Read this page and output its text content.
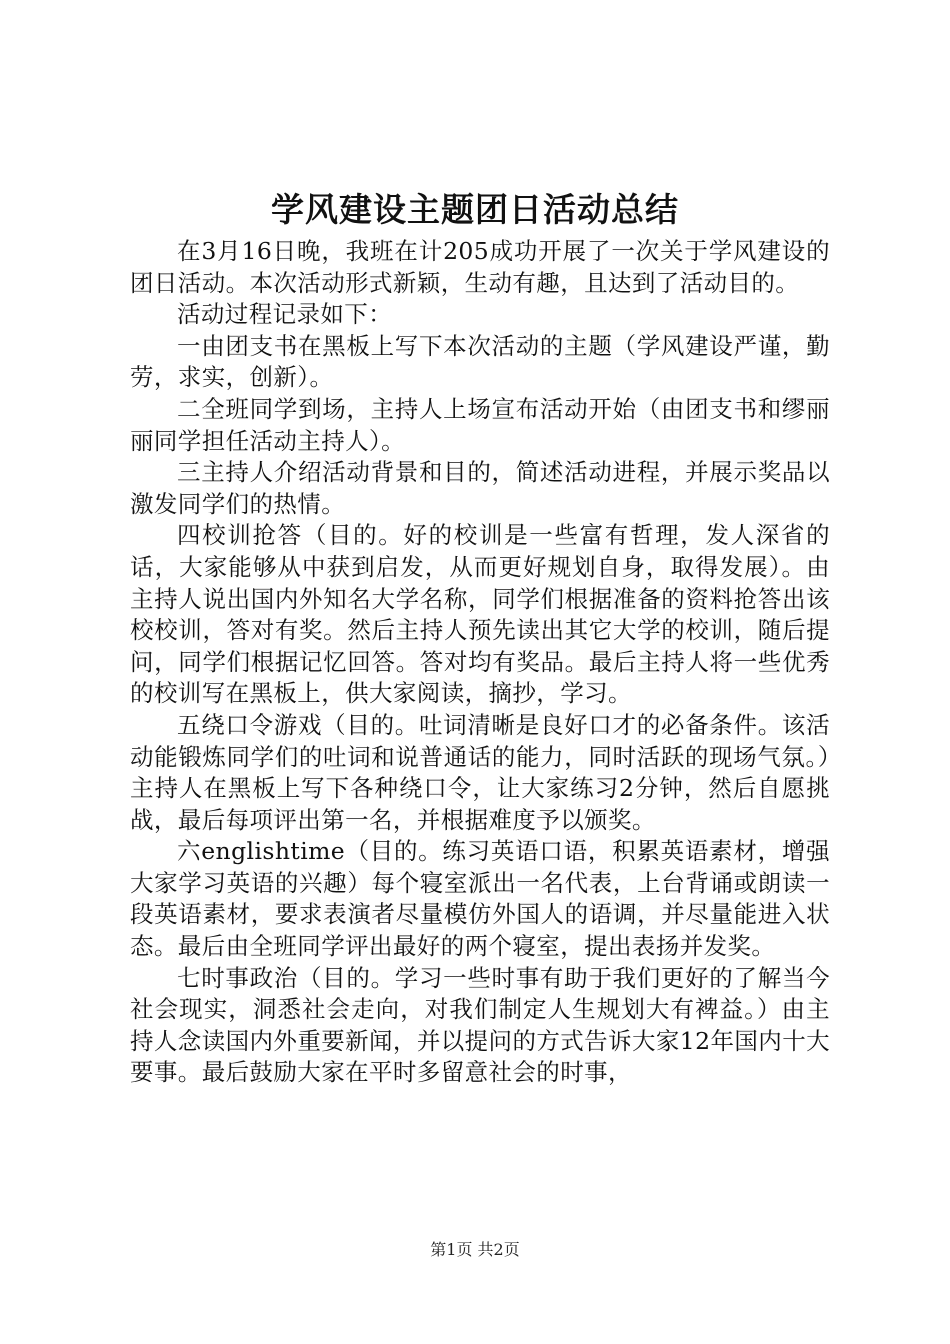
学风建设主题团日活动总结

在3月16日晚，我班在计205成功开展了一次关于学风建设的团日活动。本次活动形式新颖，生动有趣，且达到了活动目的。

活动过程记录如下：

一由团支书在黑板上写下本次活动的主题（学风建设严谨，勤劳，求实，创新）。

二全班同学到场，主持人上场宣布活动开始（由团支书和缪丽丽同学担任活动主持人）。

三主持人介绍活动背景和目的，简述活动进程，并展示奖品以激发同学们的热情。

四校训抢答（目的。好的校训是一些富有哲理，发人深省的话，大家能够从中获到启发，从而更好规划自身，取得发展）。由主持人说出国内外知名大学名称，同学们根据准备的资料抢答出该校校训，答对有奖。然后主持人预先读出其它大学的校训，随后提问，同学们根据记忆回答。答对均有奖品。最后主持人将一些优秀的校训写在黑板上，供大家阅读，摘抄，学习。

五绕口令游戏（目的。吐词清晰是良好口才的必备条件。该活动能锻炼同学们的吐词和说普通话的能力，同时活跃的现场气氛。）主持人在黑板上写下各种绕口令，让大家练习2分钟，然后自愿挑战，最后每项评出第一名，并根据难度予以颁奖。

六englishtime（目的。练习英语口语，积累英语素材，增强大家学习英语的兴趣）每个寝室派出一名代表，上台背诵或朗读一段英语素材，要求表演者尽量模仿外国人的语调，并尽量能进入状态。最后由全班同学评出最好的两个寝室，提出表扬并发奖。

七时事政治（目的。学习一些时事有助于我们更好的了解当今社会现实，洞悉社会走向，对我们制定人生规划大有裨益。）由主持人念读国内外重要新闻，并以提问的方式告诉大家12年国内十大要事。最后鼓励大家在平时多留意社会的时事，

第1页 共2页
